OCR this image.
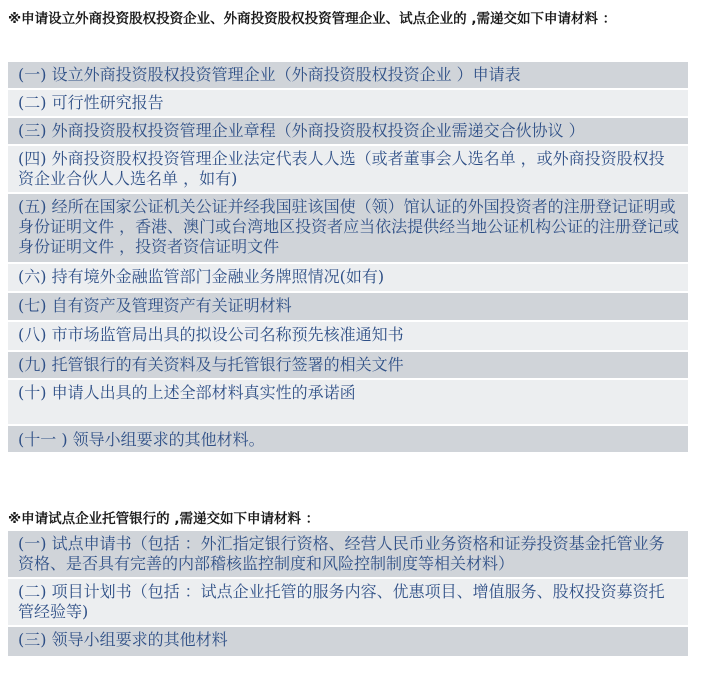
※申请设立外商投资股权投资企业、外商投资股权投资管理企业、试点企业的 ,需递交如下申请材料 ：

(一) 设立外商投资股权投资管理企业（外商投资股权投资企业 ）申请表
(二) 可行性研究报告
(三) 外商投资股权投资管理企业章程（外商投资股权投资企业需递交合伙协议 ）
(四) 外商投资股权投资管理企业法定代表人人选（或者董事会人选名单 ，或外商投资股权投资企业合伙人人选名单 ，如有)
(五) 经所在国家公证机关公证并经我国驻该国使（领）馆认证的外国投资者的注册登记证明或身份证明文件 ，香港、澳门或台湾地区投资者应当依法提供经当地公证机构公证的注册登记或身份证明文件 ，投资者资信证明文件
(六) 持有境外金融监管部门金融业务牌照情况(如有)
(七) 自有资产及管理资产有关证明材料
(八) 市市场监管局出具的拟设公司名称预先核准通知书
(九) 托管银行的有关资料及与托管银行签署的相关文件
(十) 申请人出具的上述全部材料真实性的承诺函
(十一 ) 领导小组要求的其他材料。

※申请试点企业托管银行的 ,需递交如下申请材料 ：

(一) 试点申请书（包括 ：外汇指定银行资格、经营人民币业务资格和证券投资基金托管业务资格、是否具有完善的内部稽核监控制度和风险控制制度等相关材料）
(二) 项目计划书（包括 ：试点企业托管的服务内容、优惠项目、增值服务、股权投资募资托管经验等)
(三) 领导小组要求的其他材料
